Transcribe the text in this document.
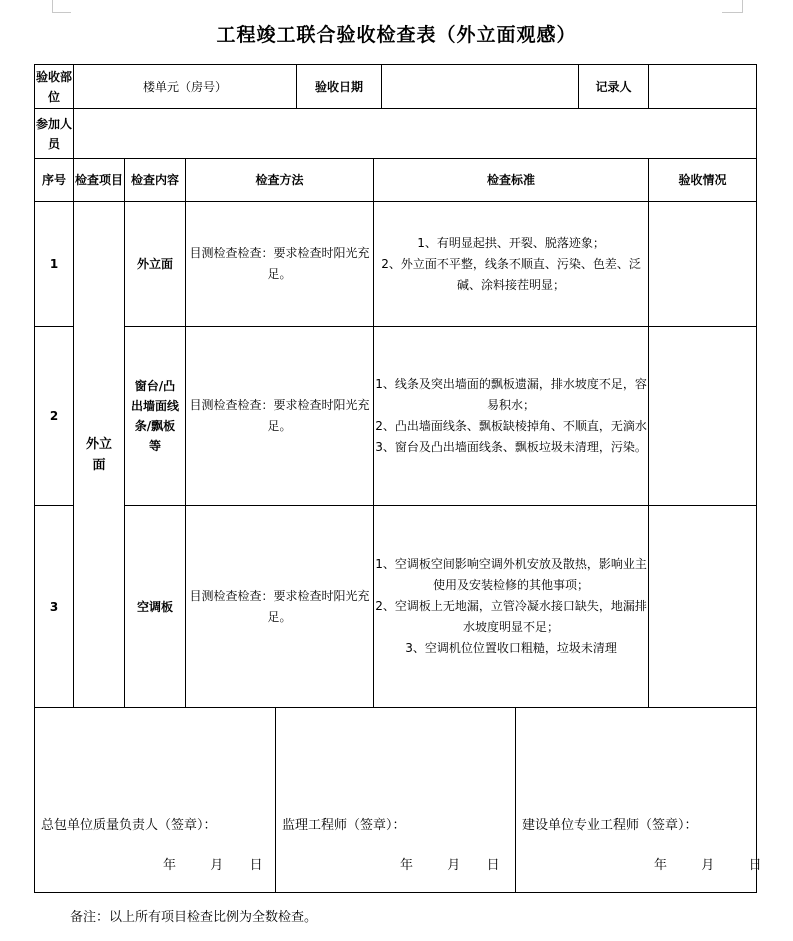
工程竣工联合验收检查表（外立面观感）
验收部位	楼单元（房号） 验收日期 记录人				

参加人员					
序号	检查项目	检查内容	检查方法	检查标准	验收情况
1	外立面	外立面	目测检查检查：要求检查时阳光充足。	1、有明显起拱、开裂、脱落迹象；
2、外立面不平整，线条不顺直、污染、色差、泛碱、涂料接茬明显；	
2		窗台/凸出墙面线条/飘板等	目测检查检查：要求检查时阳光充足。	1、线条及突出墙面的飘板遗漏，排水坡度不足，容易积水；
2、凸出墙面线条、飘板缺棱掉角、不顺直，无滴水
3、窗台及凸出墙面线条、飘板垃圾未清理，污染。	
3		空调板	目测检查检查：要求检查时阳光充足。	1、空调板空间影响空调外机安放及散热，影响业主使用及安装检修的其他事项；
2、空调板上无地漏，立管冷凝水接口缺失，地漏排水坡度明显不足；
3、空调机位位置收口粗糙，垃圾未清理	
总包单位质量负责人（签章）：
年	月 日

监理工程师（签章）：
年	月 日

建设单位专业工程师（签章）：
年	月	日
备注：以上所有项目检查比例为全数检查。
